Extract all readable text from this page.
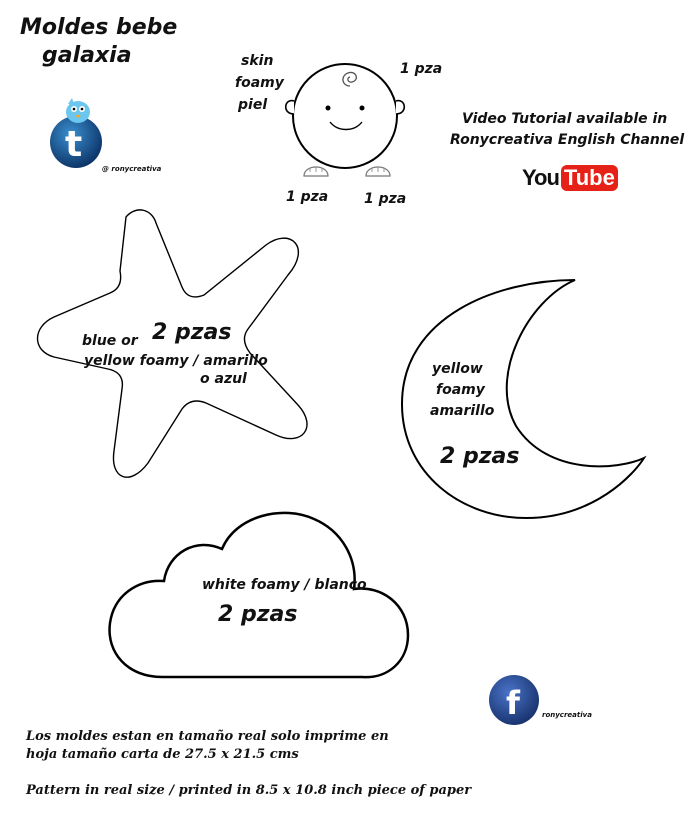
Moldes bebe
galaxia
t
@ ronycreativa
skin
foamy
piel
1 pza
1 pza	1 pza
Video Tutorial available in
Ronycreativa English Channel
You Tube
2 pzas
blue or
yellow foamy / amarillo
o azul
yellow
foamy
amarillo
2 pzas
white foamy / blanco
2 pzas
f	ronycreativa
Los moldes estan en tamaño real solo imprime en
hoja tamaño carta de 27.5 x 21.5 cms
Pattern in real size / printed in 8.5 x 10.8 inch piece of paper
